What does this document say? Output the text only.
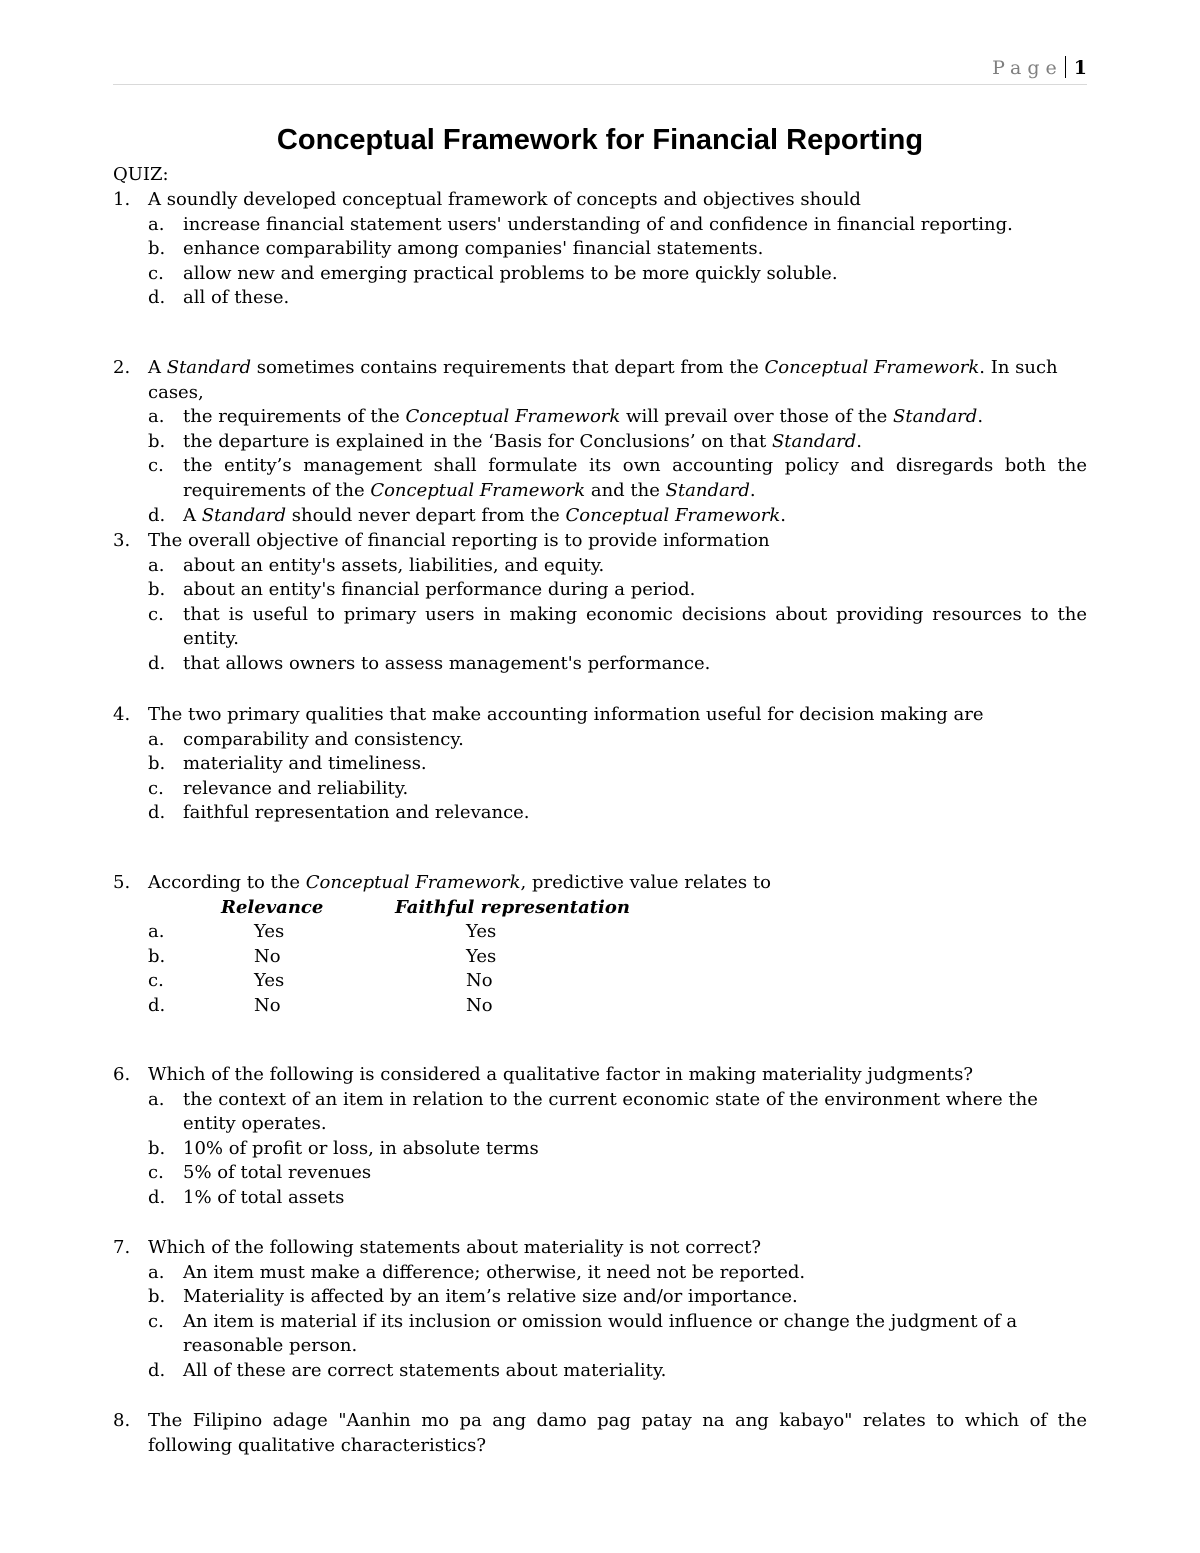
Page 1
Conceptual Framework for Financial Reporting
QUIZ:
1. A soundly developed conceptual framework of concepts and objectives should
a. increase financial statement users' understanding of and confidence in financial reporting.
b. enhance comparability among companies' financial statements.
c. allow new and emerging practical problems to be more quickly soluble.
d. all of these.
2. A Standard sometimes contains requirements that depart from the Conceptual Framework. In such cases,
a. the requirements of the Conceptual Framework will prevail over those of the Standard.
b. the departure is explained in the ‘Basis for Conclusions’ on that Standard.
c. the entity’s management shall formulate its own accounting policy and disregards both the requirements of the Conceptual Framework and the Standard.
d. A Standard should never depart from the Conceptual Framework.
3. The overall objective of financial reporting is to provide information
a. about an entity's assets, liabilities, and equity.
b. about an entity's financial performance during a period.
c. that is useful to primary users in making economic decisions about providing resources to the entity.
d. that allows owners to assess management's performance.
4. The two primary qualities that make accounting information useful for decision making are
a. comparability and consistency.
b. materiality and timeliness.
c. relevance and reliability.
d. faithful representation and relevance.
5. According to the Conceptual Framework, predictive value relates to
Relevance	Faithful representation
a.	Yes	Yes
b.	No	Yes
c.	Yes	No
d.	No	No
6. Which of the following is considered a qualitative factor in making materiality judgments?
a. the context of an item in relation to the current economic state of the environment where the entity operates.
b. 10% of profit or loss, in absolute terms
c. 5% of total revenues
d. 1% of total assets
7. Which of the following statements about materiality is not correct?
a. An item must make a difference; otherwise, it need not be reported.
b. Materiality is affected by an item’s relative size and/or importance.
c. An item is material if its inclusion or omission would influence or change the judgment of a reasonable person.
d. All of these are correct statements about materiality.
8. The Filipino adage "Aanhin mo pa ang damo pag patay na ang kabayo" relates to which of the following qualitative characteristics?
